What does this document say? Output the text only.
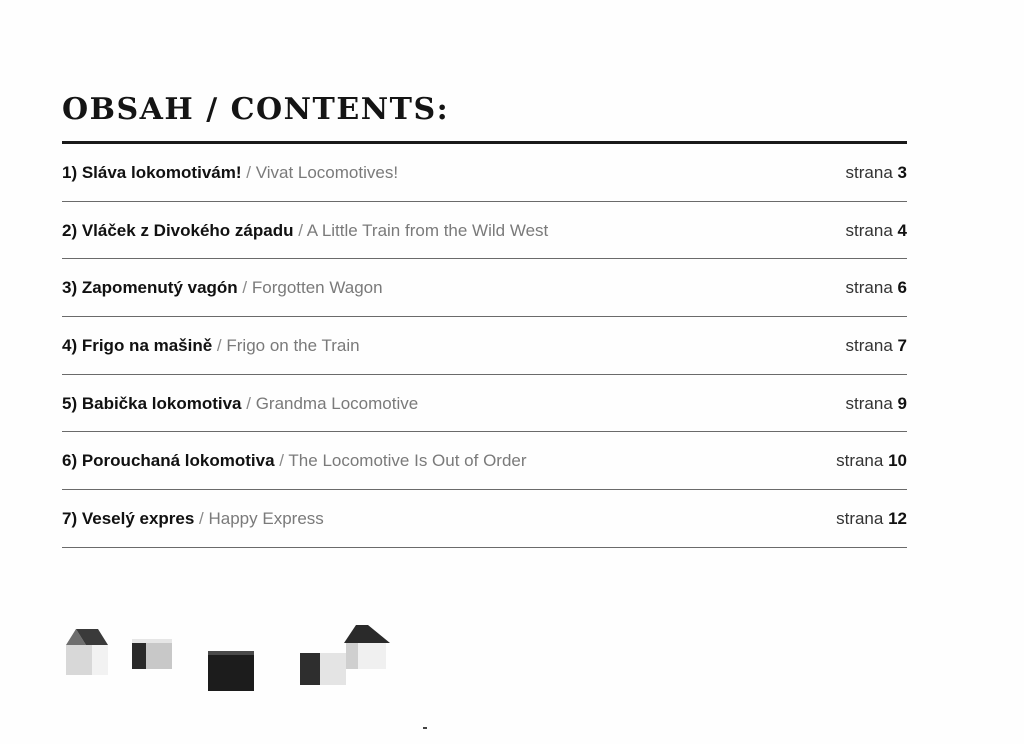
OBSAH / CONTENTS:
1) Sláva lokomotivám! / Vivat Locomotives!	strana 3
2) Vláček z Divokého západu / A Little Train from the Wild West	strana 4
3) Zapomenutý vagón / Forgotten Wagon	strana 6
4) Frigo na mašině / Frigo on the Train	strana 7
5) Babička lokomotiva / Grandma Locomotive	strana 9
6) Porouchaná lokomotiva / The Locomotive Is Out of Order	strana 10
7) Veselý expres / Happy Express	strana 12
